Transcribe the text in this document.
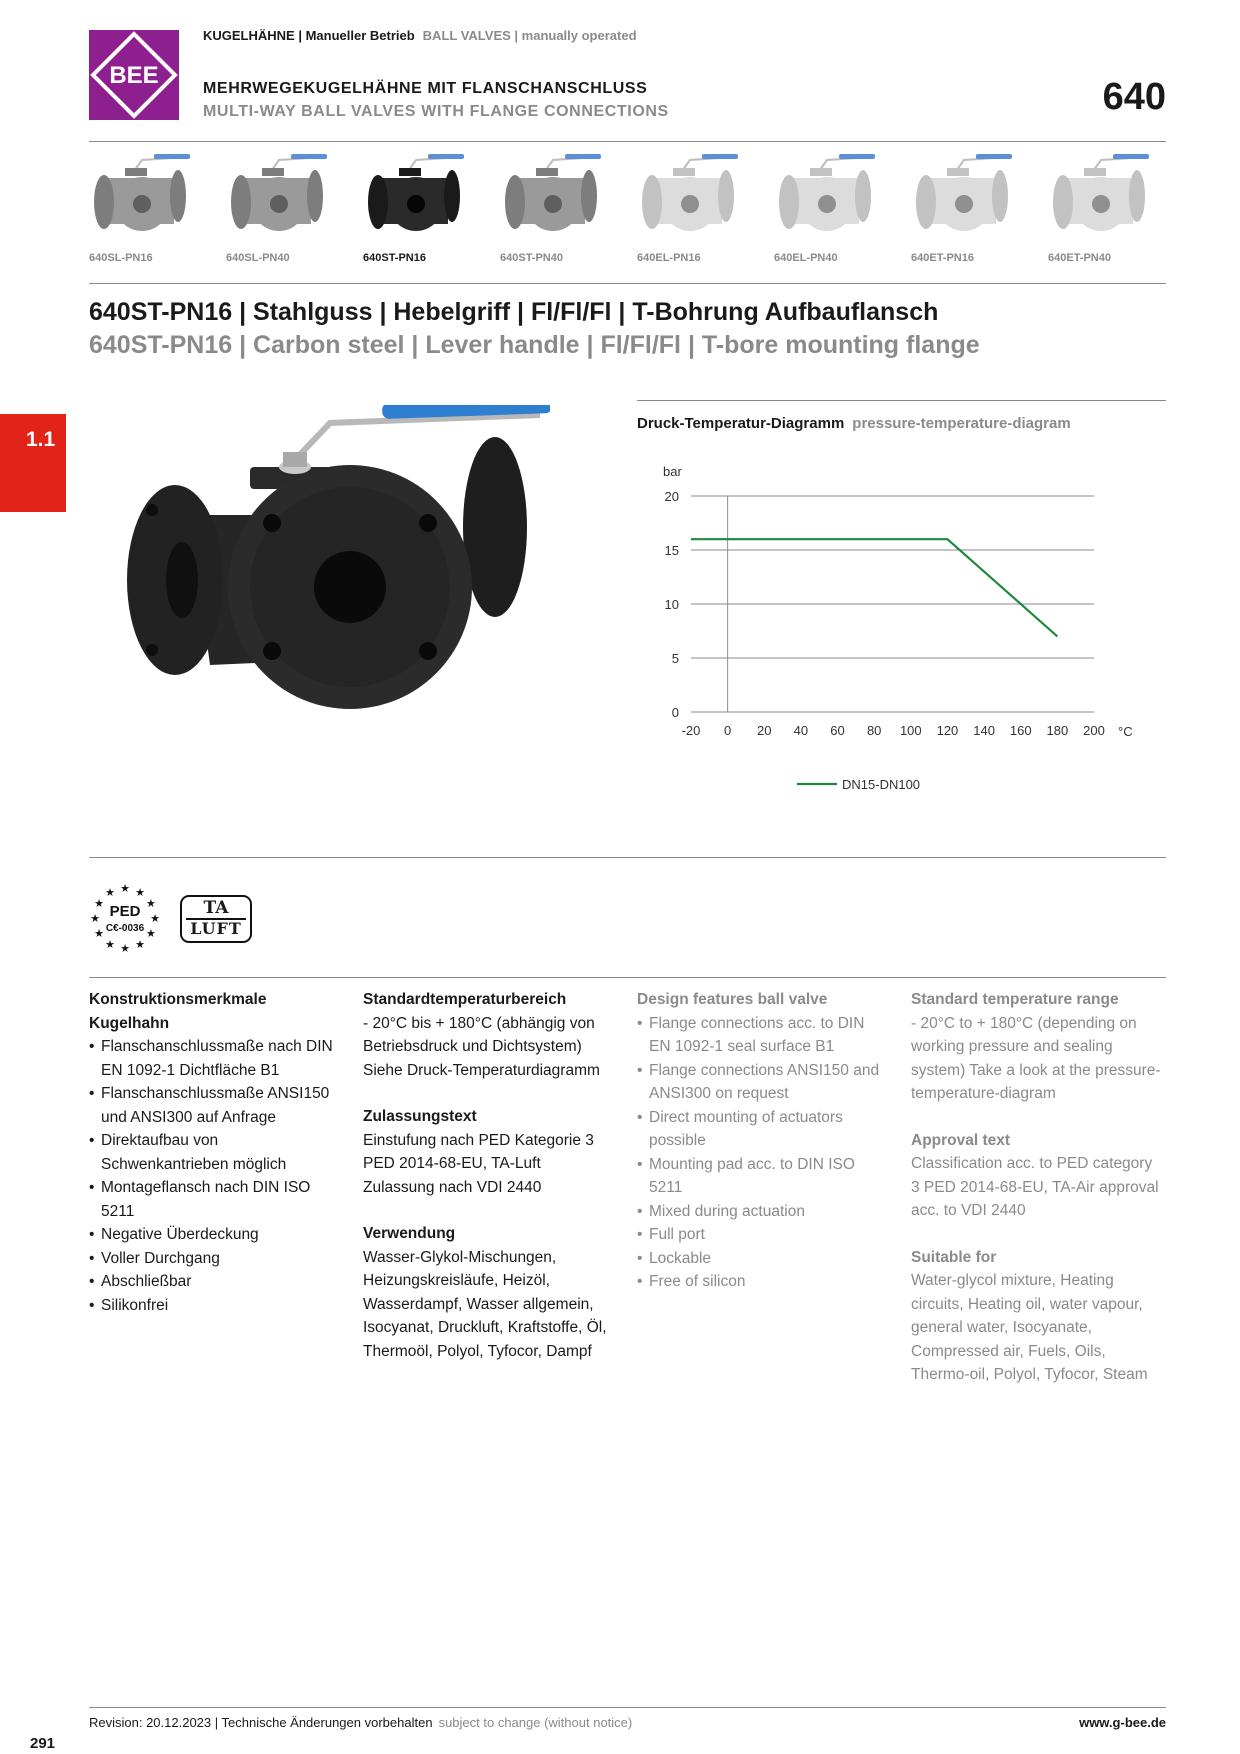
BEE
KUGELHÄHNE | Manueller Betrieb BALL VALVES | manually operated
MEHRWEGEKUGELHÄHNE MIT FLANSCHANSCHLUSS
MULTI-WAY BALL VALVES WITH FLANGE CONNECTIONS	640
640SL-PN16	640SL-PN40	640ST-PN16	640ST-PN40	640EL-PN16	640EL-PN40	640ET-PN16	640ET-PN40
640ST-PN16 | Stahlguss | Hebelgriff | Fl/Fl/Fl | T-Bohrung Aufbauflansch
640ST-PN16 | Carbon steel | Lever handle | Fl/Fl/Fl | T-bore mounting flange
1.1
Druck-Temperatur-Diagramm pressure-temperature-diagram
0
5
10
15
20
-20 0 20 40 60 80 100 120 140 160 180 200
bar
°C
DN15-DN100
★ ★
★
★
★
★
★
★
★
★
★
★
PED
C€-0036
TA
LUFT
Konstruktionsmerkmale Kugelhahn
• Flanschanschlussmaße nach DIN EN 1092-1 Dichtfläche B1
• Flanschanschlussmaße ANSI150 und ANSI300 auf Anfrage
• Direktaufbau von Schwenkantrieben möglich
• Montageflansch nach DIN ISO 5211
• Negative Überdeckung
• Voller Durchgang
• Abschließbar
• Silikonfrei
Standardtemperaturbereich

- 20°C bis + 180°C (abhängig von Betriebsdruck und Dichtsystem) Siehe Druck-Temperaturdiagramm

Zulassungstext

Einstufung nach PED Kategorie 3 PED 2014-68-EU, TA-Luft Zulassung nach VDI 2440

Verwendung

Wasser-Glykol-Mischungen, Heizungskreisläufe, Heizöl, Wasserdampf, Wasser allgemein, Isocyanat, Druckluft, Kraftstoffe, Öl, Thermoöl, Polyol, Tyfocor, Dampf

Design features ball valve
• Flange connections acc. to DIN EN 1092-1 seal surface B1
• Flange connections ANSI150 and ANSI300 on request
• Direct mounting of actuators possible
• Mounting pad acc. to DIN ISO 5211
• Mixed during actuation
• Full port
• Lockable
• Free of silicon
Standard temperature range

- 20°C to + 180°C (depending on working pressure and sealing system) Take a look at the pressure-temperature-diagram

Approval text

Classification acc. to PED category 3 PED 2014-68-EU, TA-Air approval acc. to VDI 2440

Suitable for

Water-glycol mixture, Heating circuits, Heating oil, water vapour, general water, Isocyanate, Compressed air, Fuels, Oils, Thermo-oil, Polyol, Tyfocor, Steam

291
Revision: 20.12.2023 | Technische Änderungen vorbehalten subject to change (without notice)	www.g-bee.de
